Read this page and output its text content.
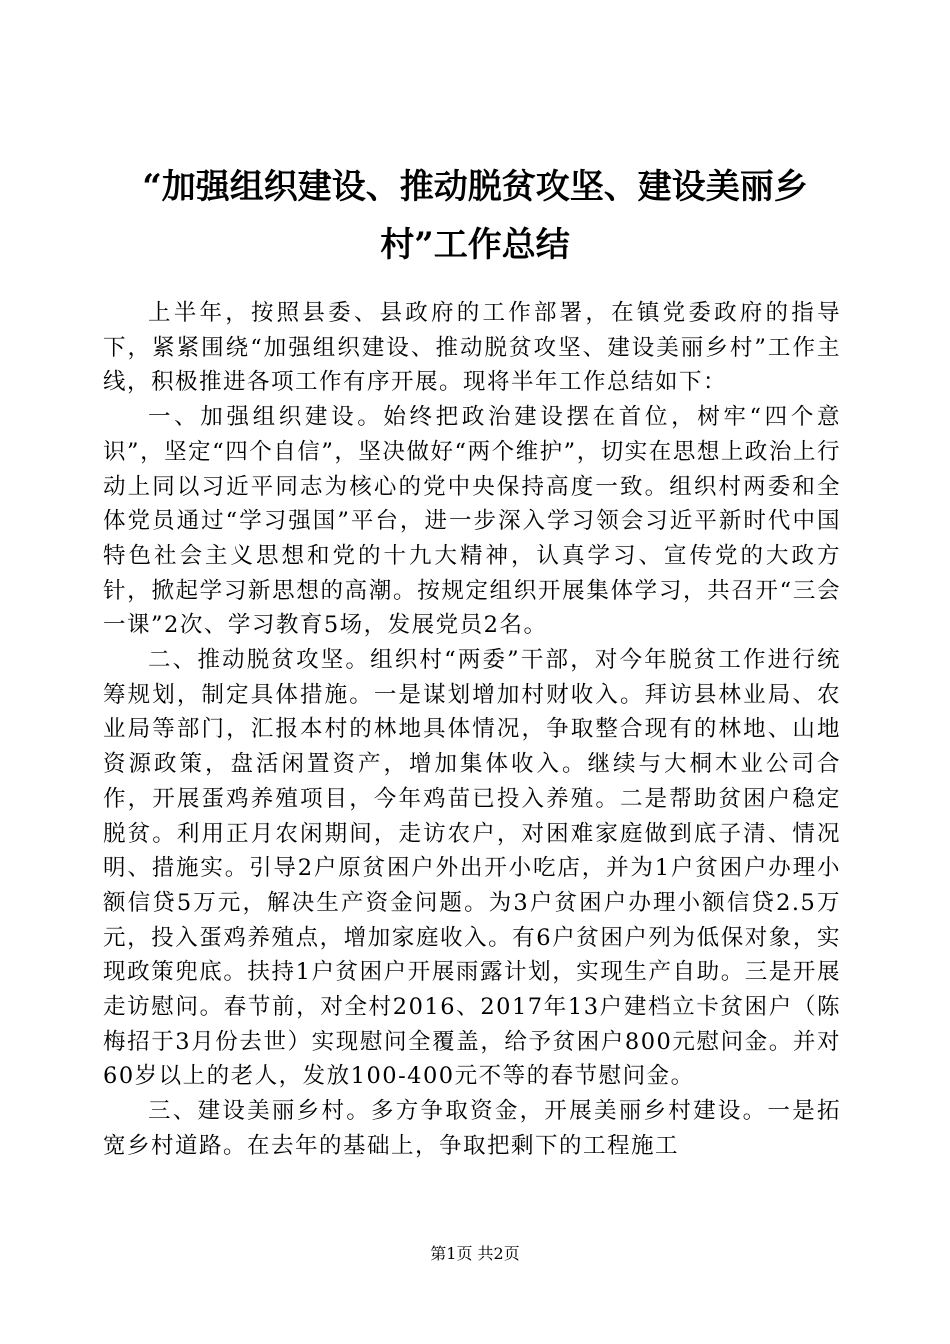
“加强组织建设、推动脱贫攻坚、建设美丽乡
村”工作总结

上半年，按照县委、县政府的工作部署，在镇党委政府的指导下，紧紧围绕“加强组织建设、推动脱贫攻坚、建设美丽乡村”工作主线，积极推进各项工作有序开展。现将半年工作总结如下：

一、加强组织建设。始终把政治建设摆在首位，树牢“四个意识”，坚定“四个自信”，坚决做好“两个维护”，切实在思想上政治上行动上同以习近平同志为核心的党中央保持高度一致。组织村两委和全体党员通过“学习强国”平台，进一步深入学习领会习近平新时代中国特色社会主义思想和党的十九大精神，认真学习、宣传党的大政方针，掀起学习新思想的高潮。按规定组织开展集体学习，共召开“三会一课”2次、学习教育5场，发展党员2名。

二、推动脱贫攻坚。组织村“两委”干部，对今年脱贫工作进行统筹规划，制定具体措施。一是谋划增加村财收入。拜访县林业局、农业局等部门，汇报本村的林地具体情况，争取整合现有的林地、山地资源政策，盘活闲置资产，增加集体收入。继续与大桐木业公司合作，开展蛋鸡养殖项目，今年鸡苗已投入养殖。二是帮助贫困户稳定脱贫。利用正月农闲期间，走访农户，对困难家庭做到底子清、情况明、措施实。引导2户原贫困户外出开小吃店，并为1户贫困户办理小额信贷5万元，解决生产资金问题。为3户贫困户办理小额信贷2.5万元，投入蛋鸡养殖点，增加家庭收入。有6户贫困户列为低保对象，实现政策兜底。扶持1户贫困户开展雨露计划，实现生产自助。三是开展走访慰问。春节前，对全村2016、2017年13户建档立卡贫困户（陈梅招于3月份去世）实现慰问全覆盖，给予贫困户800元慰问金。并对60岁以上的老人，发放100-400元不等的春节慰问金。

三、建设美丽乡村。多方争取资金，开展美丽乡村建设。一是拓宽乡村道路。在去年的基础上，争取把剩下的工程施工

第1页 共2页
